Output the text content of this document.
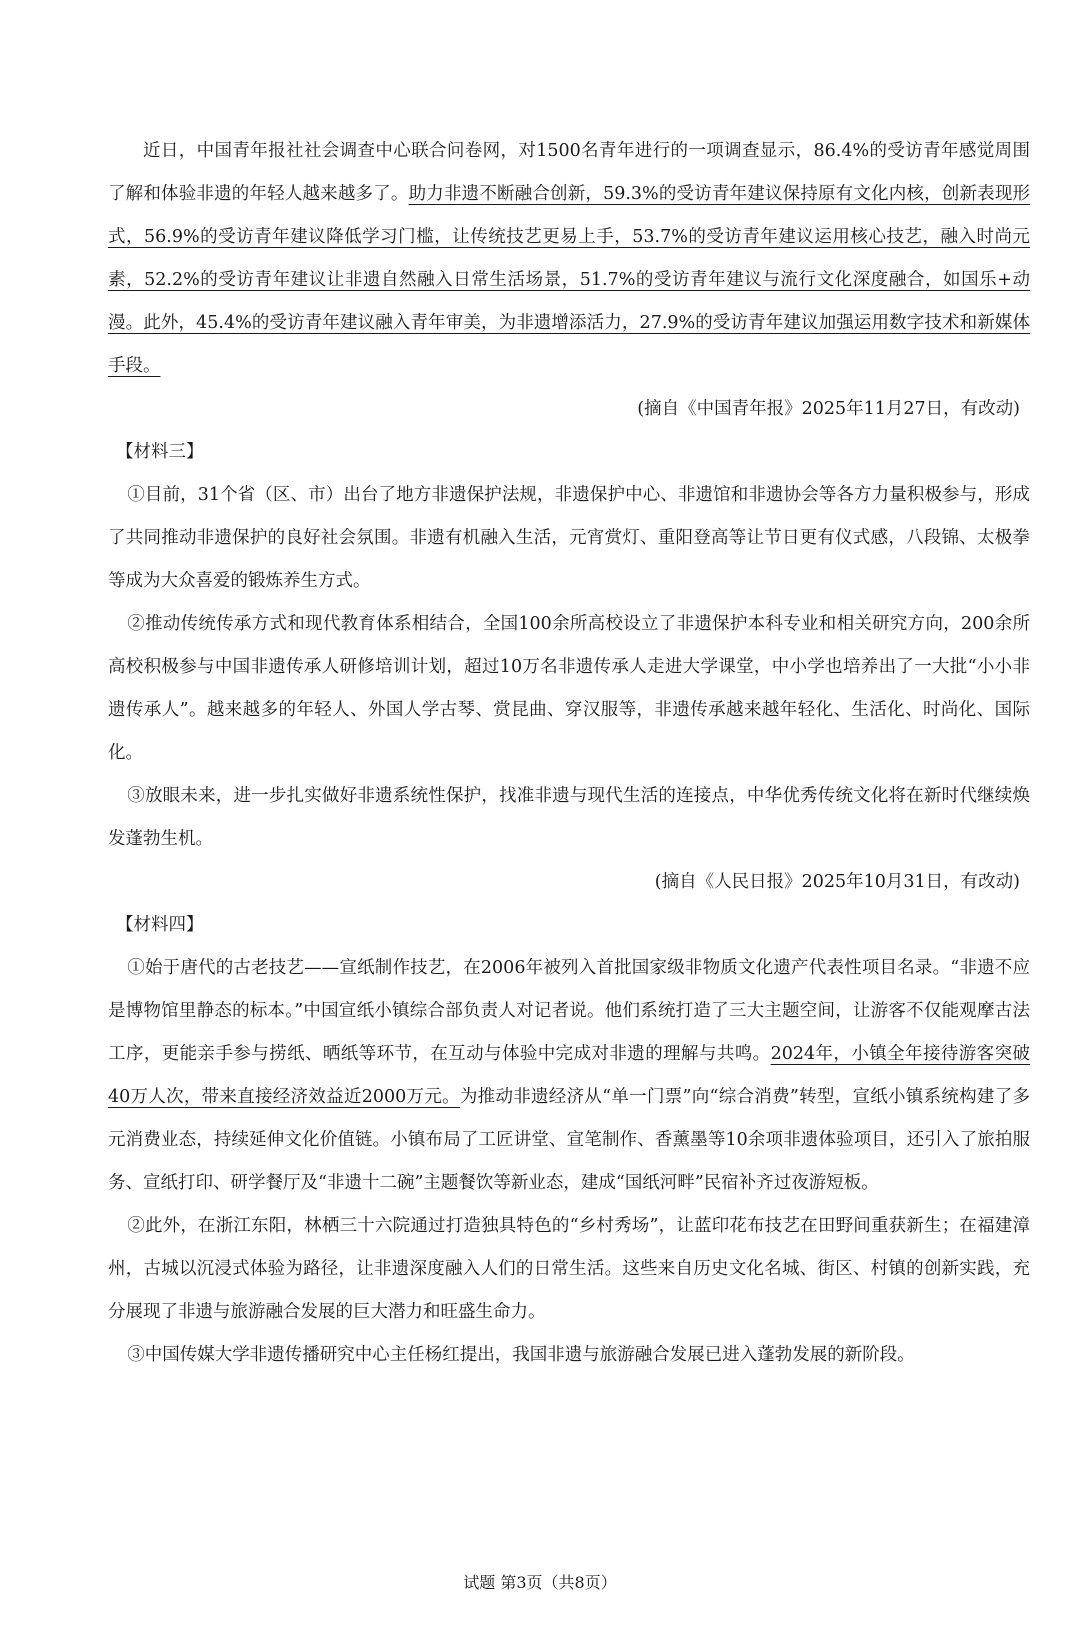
近日，中国青年报社社会调查中心联合问卷网，对1500名青年进行的一项调查显示，86.4%的受访青年感觉周围了解和体验非遗的年轻人越来越多了。助力非遗不断融合创新，59.3%的受访青年建议保持原有文化内核，创新表现形式，56.9%的受访青年建议降低学习门槛，让传统技艺更易上手，53.7%的受访青年建议运用核心技艺，融入时尚元素，52.2%的受访青年建议让非遗自然融入日常生活场景，51.7%的受访青年建议与流行文化深度融合，如国乐+动漫。此外，45.4%的受访青年建议融入青年审美，为非遗增添活力，27.9%的受访青年建议加强运用数字技术和新媒体手段。

(摘自《中国青年报》2025年11月27日，有改动)

【材料三】

①目前，31个省（区、市）出台了地方非遗保护法规，非遗保护中心、非遗馆和非遗协会等各方力量积极参与，形成了共同推动非遗保护的良好社会氛围。非遗有机融入生活，元宵赏灯、重阳登高等让节日更有仪式感，八段锦、太极拳等成为大众喜爱的锻炼养生方式。

②推动传统传承方式和现代教育体系相结合，全国100余所高校设立了非遗保护本科专业和相关研究方向，200余所高校积极参与中国非遗传承人研修培训计划，超过10万名非遗传承人走进大学课堂，中小学也培养出了一大批“小小非遗传承人”。越来越多的年轻人、外国人学古琴、赏昆曲、穿汉服等，非遗传承越来越年轻化、生活化、时尚化、国际化。

③放眼未来，进一步扎实做好非遗系统性保护，找准非遗与现代生活的连接点，中华优秀传统文化将在新时代继续焕发蓬勃生机。

(摘自《人民日报》2025年10月31日，有改动)

【材料四】

①始于唐代的古老技艺——宣纸制作技艺，在2006年被列入首批国家级非物质文化遗产代表性项目名录。“非遗不应是博物馆里静态的标本。”中国宣纸小镇综合部负责人对记者说。他们系统打造了三大主题空间，让游客不仅能观摩古法工序，更能亲手参与捞纸、晒纸等环节，在互动与体验中完成对非遗的理解与共鸣。2024年，小镇全年接待游客突破40万人次，带来直接经济效益近2000万元。为推动非遗经济从“单一门票”向“综合消费”转型，宣纸小镇系统构建了多元消费业态，持续延伸文化价值链。小镇布局了工匠讲堂、宣笔制作、香薰墨等10余项非遗体验项目，还引入了旅拍服务、宣纸打印、研学餐厅及“非遗十二碗”主题餐饮等新业态，建成“国纸河畔”民宿补齐过夜游短板。

②此外，在浙江东阳，林栖三十六院通过打造独具特色的“乡村秀场”，让蓝印花布技艺在田野间重获新生；在福建漳州，古城以沉浸式体验为路径，让非遗深度融入人们的日常生活。这些来自历史文化名城、街区、村镇的创新实践，充分展现了非遗与旅游融合发展的巨大潜力和旺盛生命力。

③中国传媒大学非遗传播研究中心主任杨红提出，我国非遗与旅游融合发展已进入蓬勃发展的新阶段。

试题 第3页（共8页）
